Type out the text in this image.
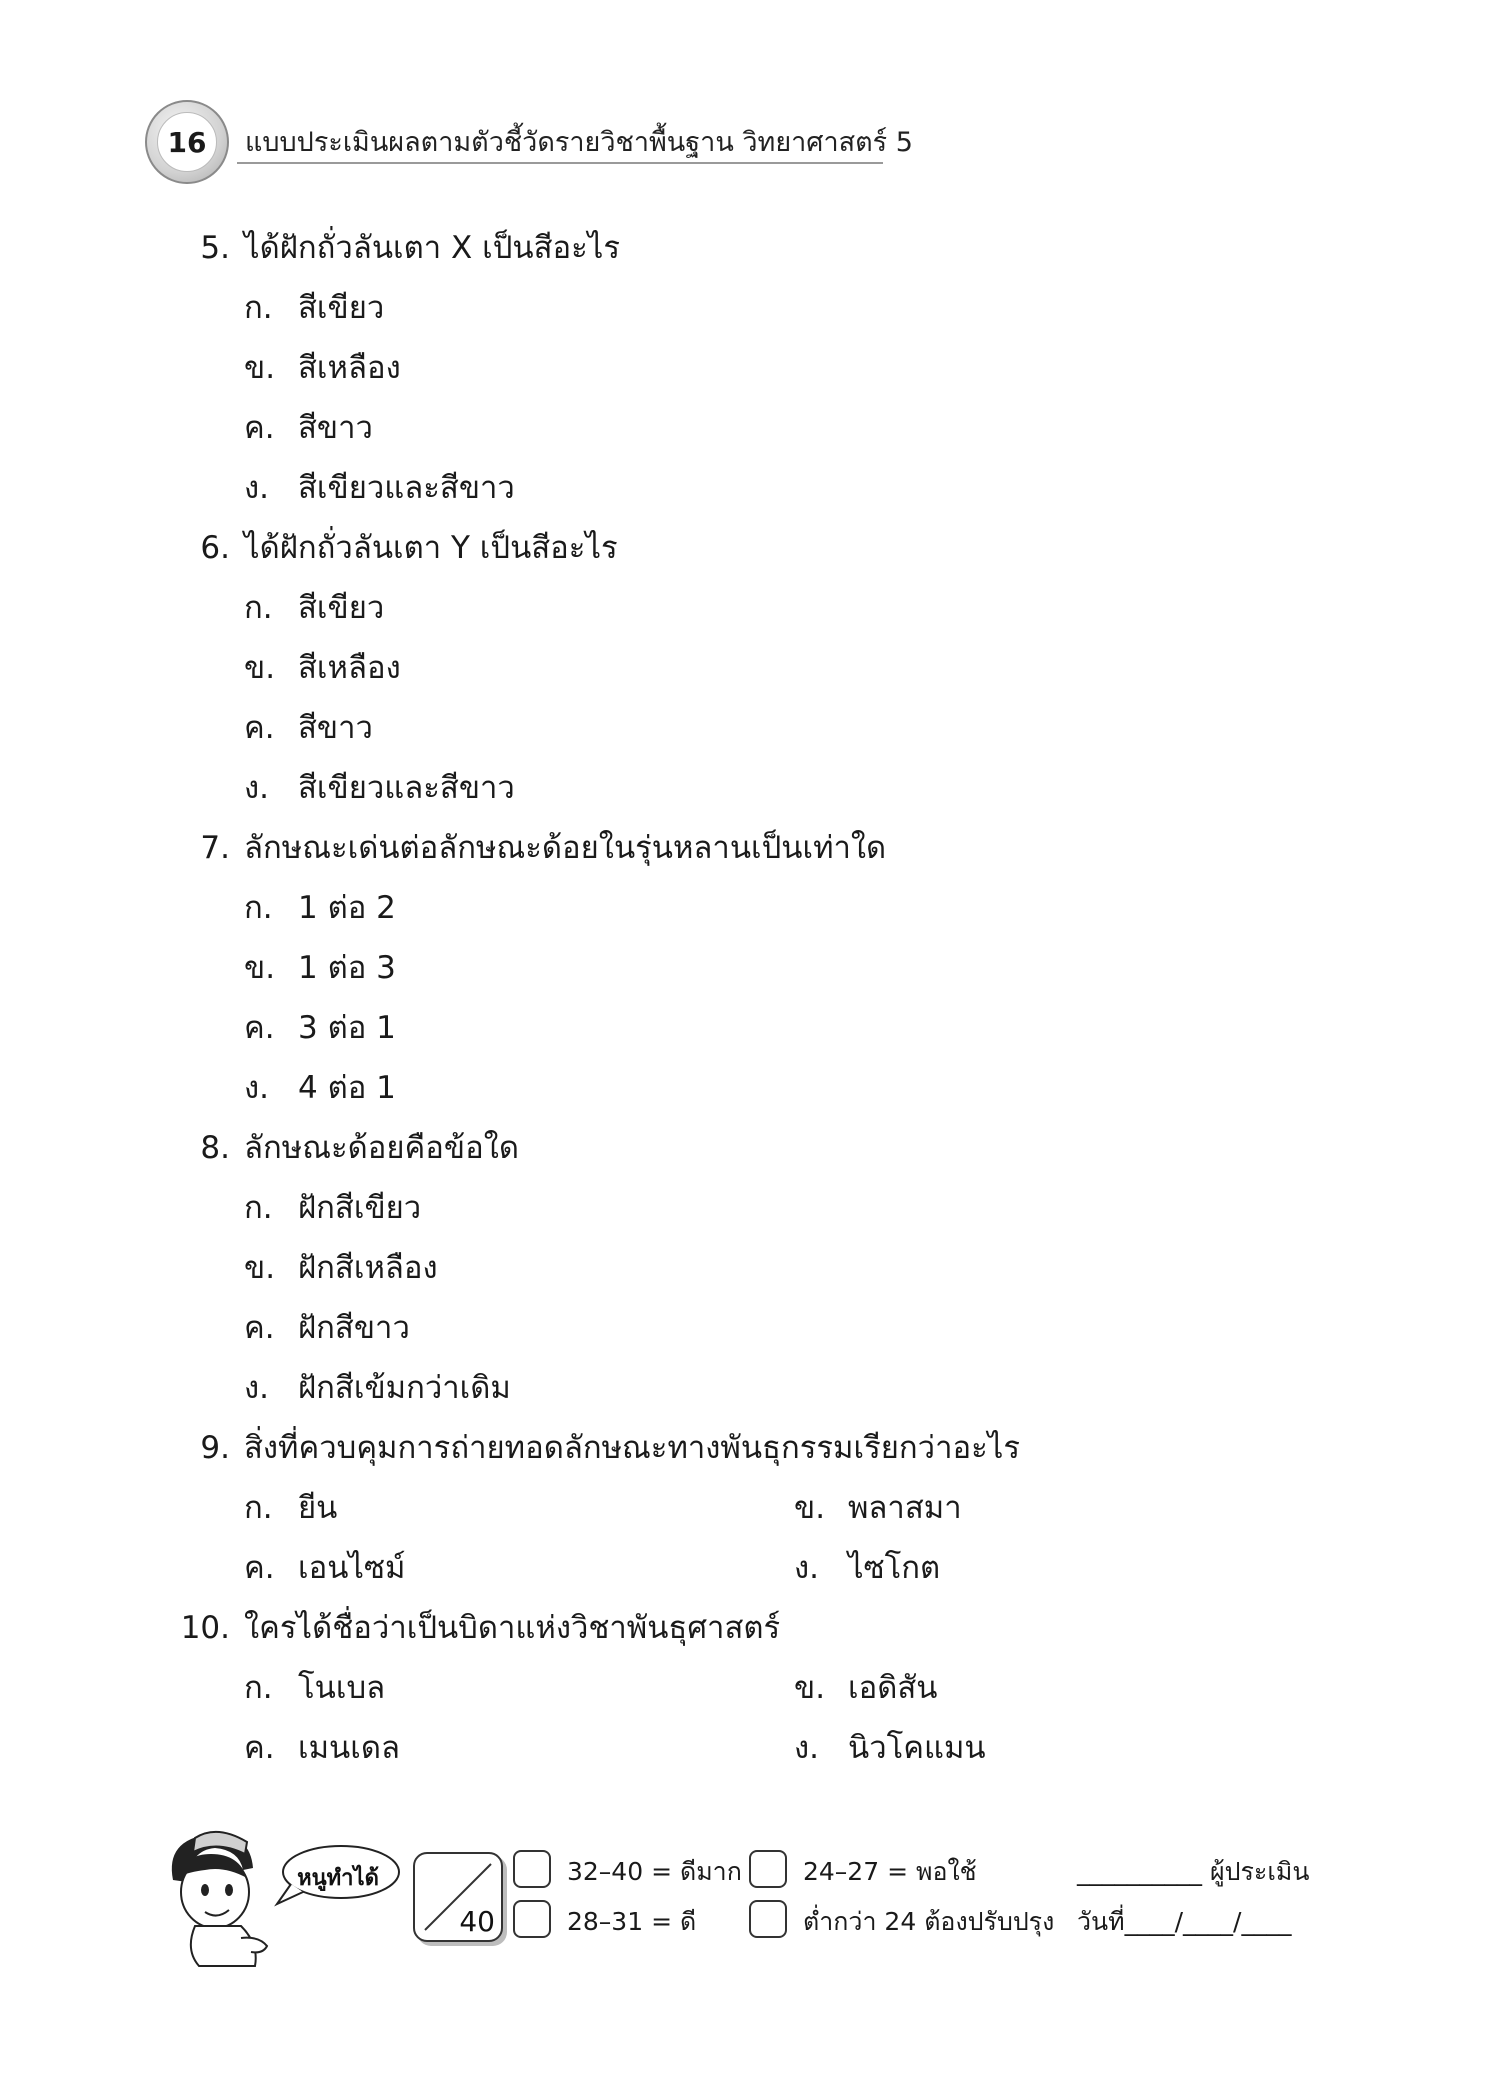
16	แบบประเมินผลตามตัวชี้วัดรายวิชาพื้นฐาน วิทยาศาสตร์ 5
5. ได้ฝักถั่วลันเตา X เป็นสีอะไร
ก. สีเขียว
ข. สีเหลือง
ค. สีขาว
ง. สีเขียวและสีขาว
6. ได้ฝักถั่วลันเตา Y เป็นสีอะไร
ก. สีเขียว
ข. สีเหลือง
ค. สีขาว
ง. สีเขียวและสีขาว
7. ลักษณะเด่นต่อลักษณะด้อยในรุ่นหลานเป็นเท่าใด
ก. 1 ต่อ 2
ข. 1 ต่อ 3
ค. 3 ต่อ 1
ง. 4 ต่อ 1
8. ลักษณะด้อยคือข้อใด
ก. ฝักสีเขียว
ข. ฝักสีเหลือง
ค. ฝักสีขาว
ง. ฝักสีเข้มกว่าเดิม
9. สิ่งที่ควบคุมการถ่ายทอดลักษณะทางพันธุกรรมเรียกว่าอะไร
ก. ยีน	ข. พลาสมา
ค. เอนไซม์	ง. ไซโกต
10. ใครได้ชื่อว่าเป็นบิดาแห่งวิชาพันธุศาสตร์
ก. โนเบล	ข. เอดิสัน
ค. เมนเดล	ง. นิวโคแมน
หนูทำได้
40
32–40 = ดีมาก
28–31 = ดี
24–27 = พอใช้
ต่ำกว่า 24 ต้องปรับปรุง
__________ ผู้ประเมิน
วันที่____/____/____
